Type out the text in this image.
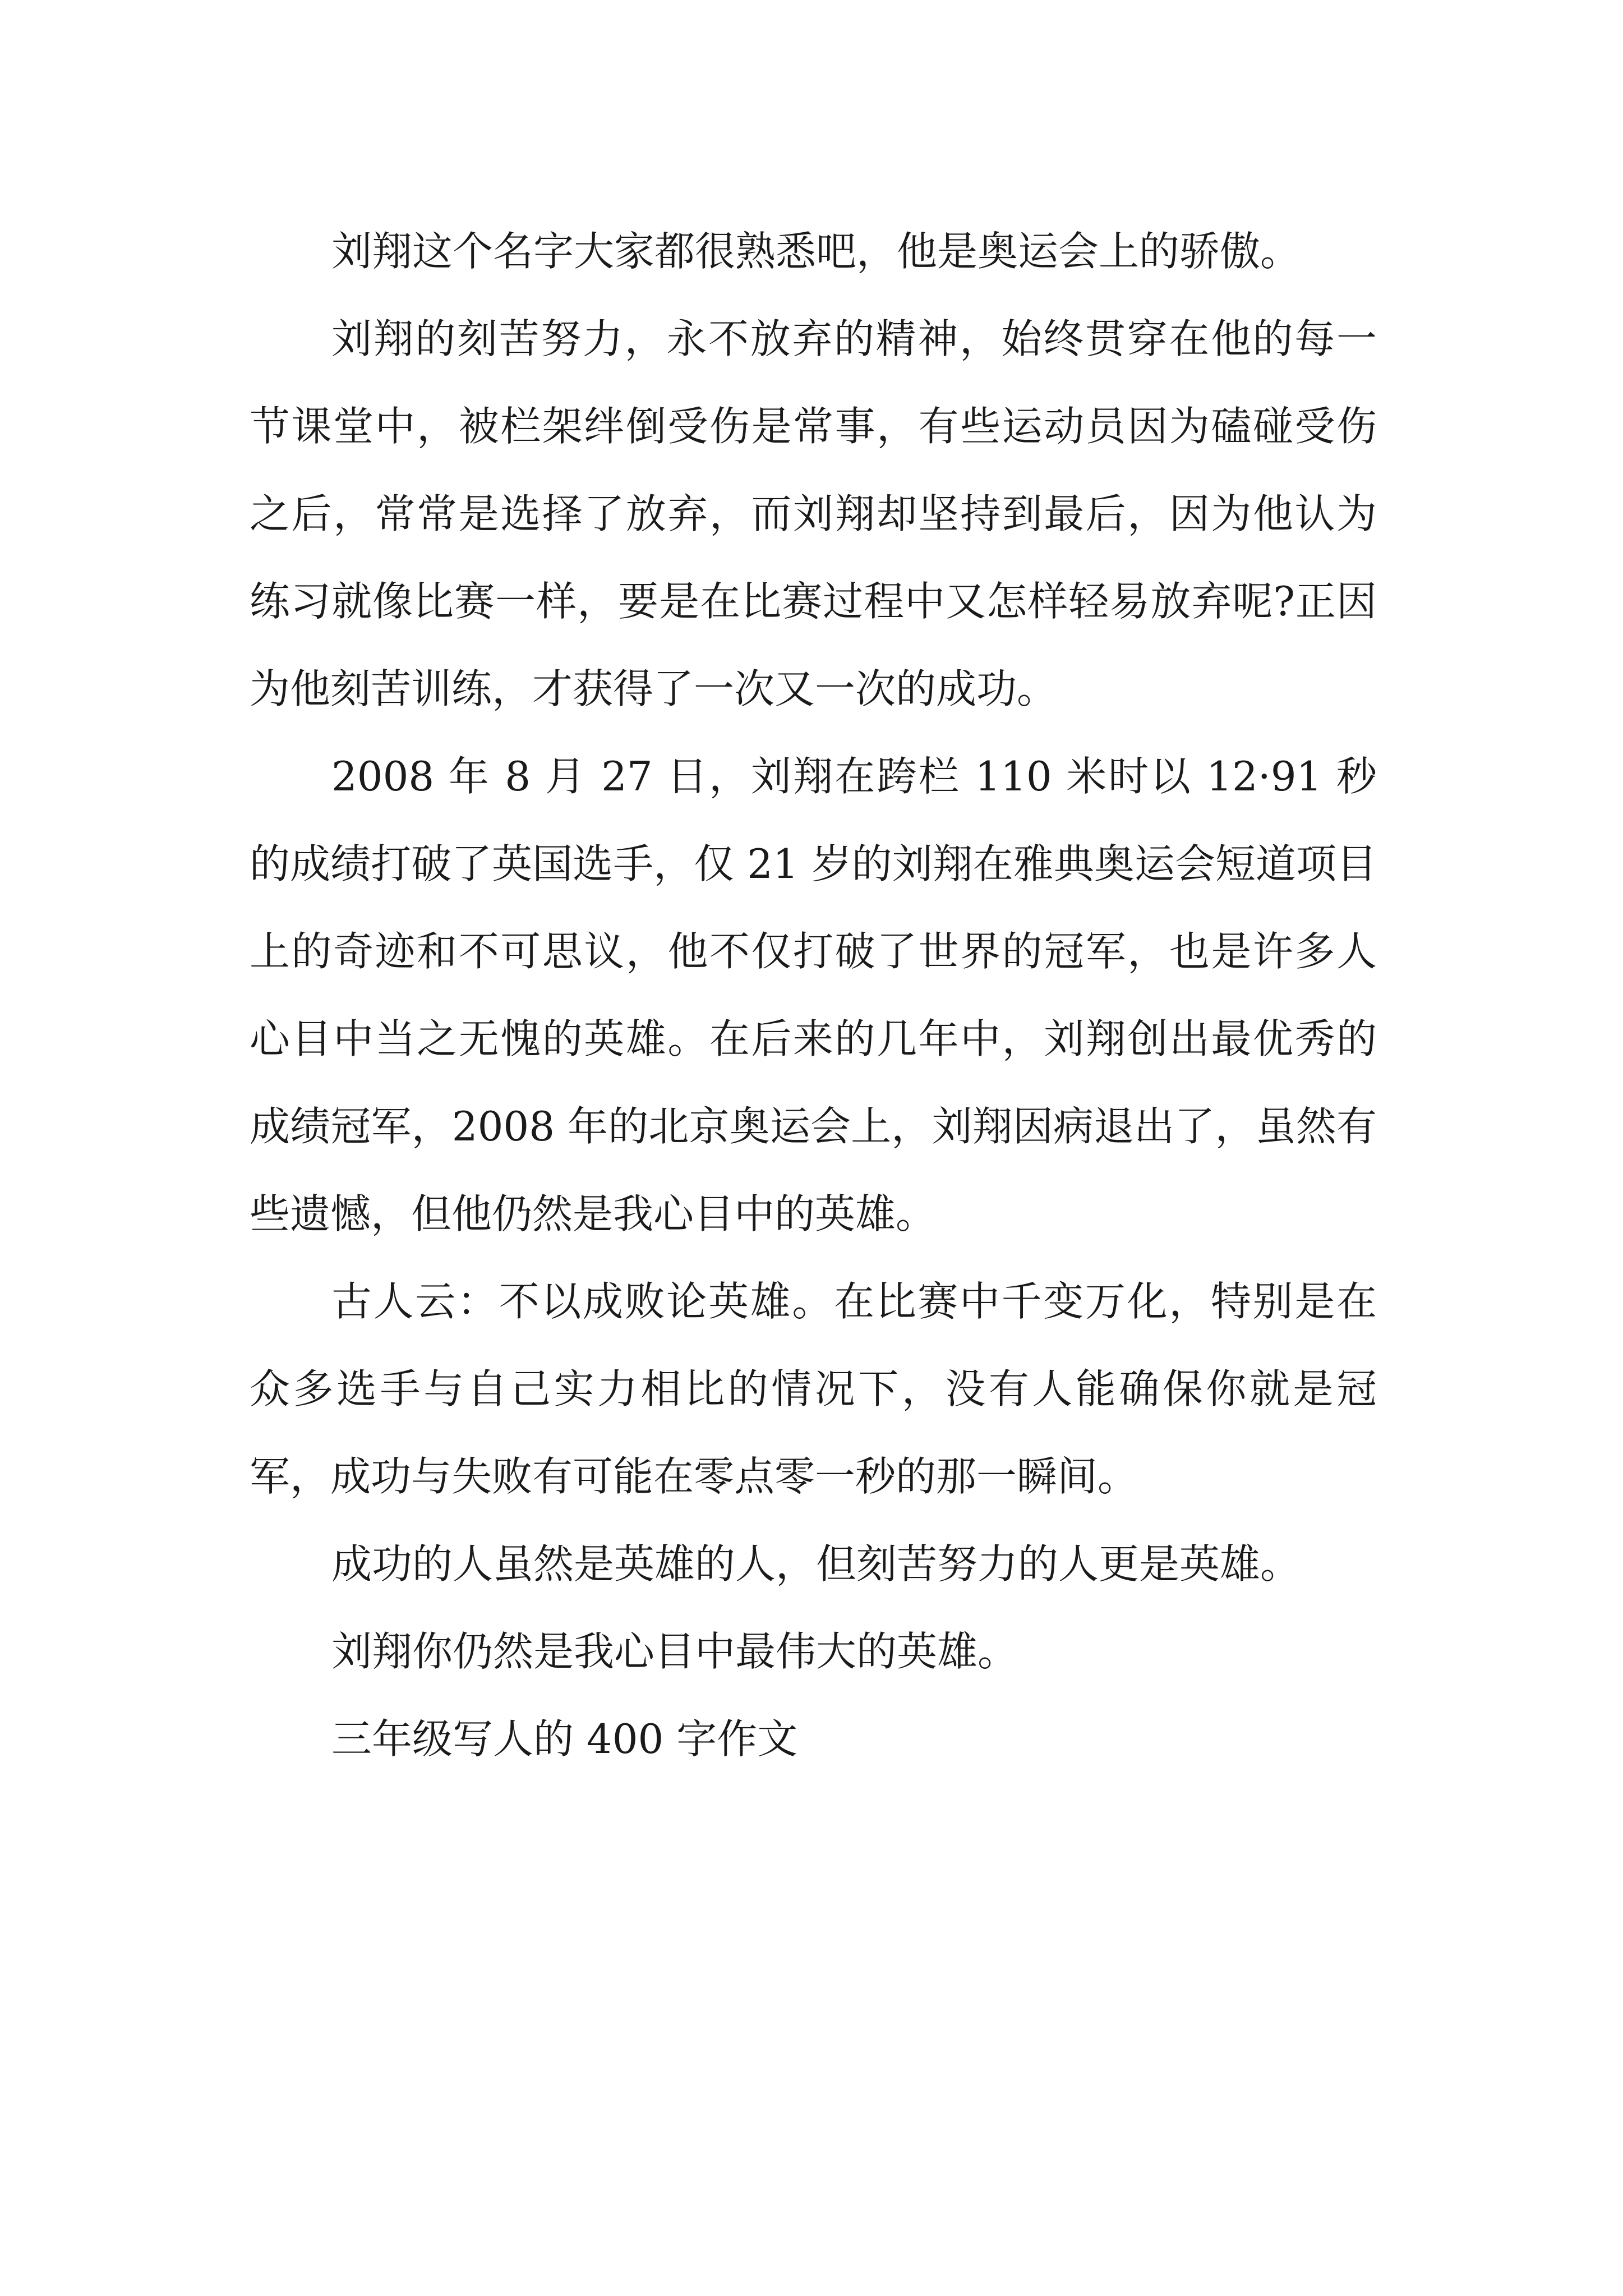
刘翔这个名字大家都很熟悉吧，他是奥运会上的骄傲。

刘翔的刻苦努力，永不放弃的精神，始终贯穿在他的每一节课堂中，被栏架绊倒受伤是常事，有些运动员因为磕碰受伤之后，常常是选择了放弃，而刘翔却坚持到最后，因为他认为练习就像比赛一样，要是在比赛过程中又怎样轻易放弃呢?正因为他刻苦训练，才获得了一次又一次的成功。

2008 年 8 月 27 日，刘翔在跨栏 110 米时以 12·91 秒的成绩打破了英国选手，仅 21 岁的刘翔在雅典奥运会短道项目上的奇迹和不可思议，他不仅打破了世界的冠军，也是许多人心目中当之无愧的英雄。在后来的几年中，刘翔创出最优秀的成绩冠军，2008 年的北京奥运会上，刘翔因病退出了，虽然有些遗憾，但他仍然是我心目中的英雄。

古人云：不以成败论英雄。在比赛中千变万化，特别是在众多选手与自己实力相比的情况下，没有人能确保你就是冠军，成功与失败有可能在零点零一秒的那一瞬间。

成功的人虽然是英雄的人，但刻苦努力的人更是英雄。

刘翔你仍然是我心目中最伟大的英雄。

三年级写人的 400 字作文
